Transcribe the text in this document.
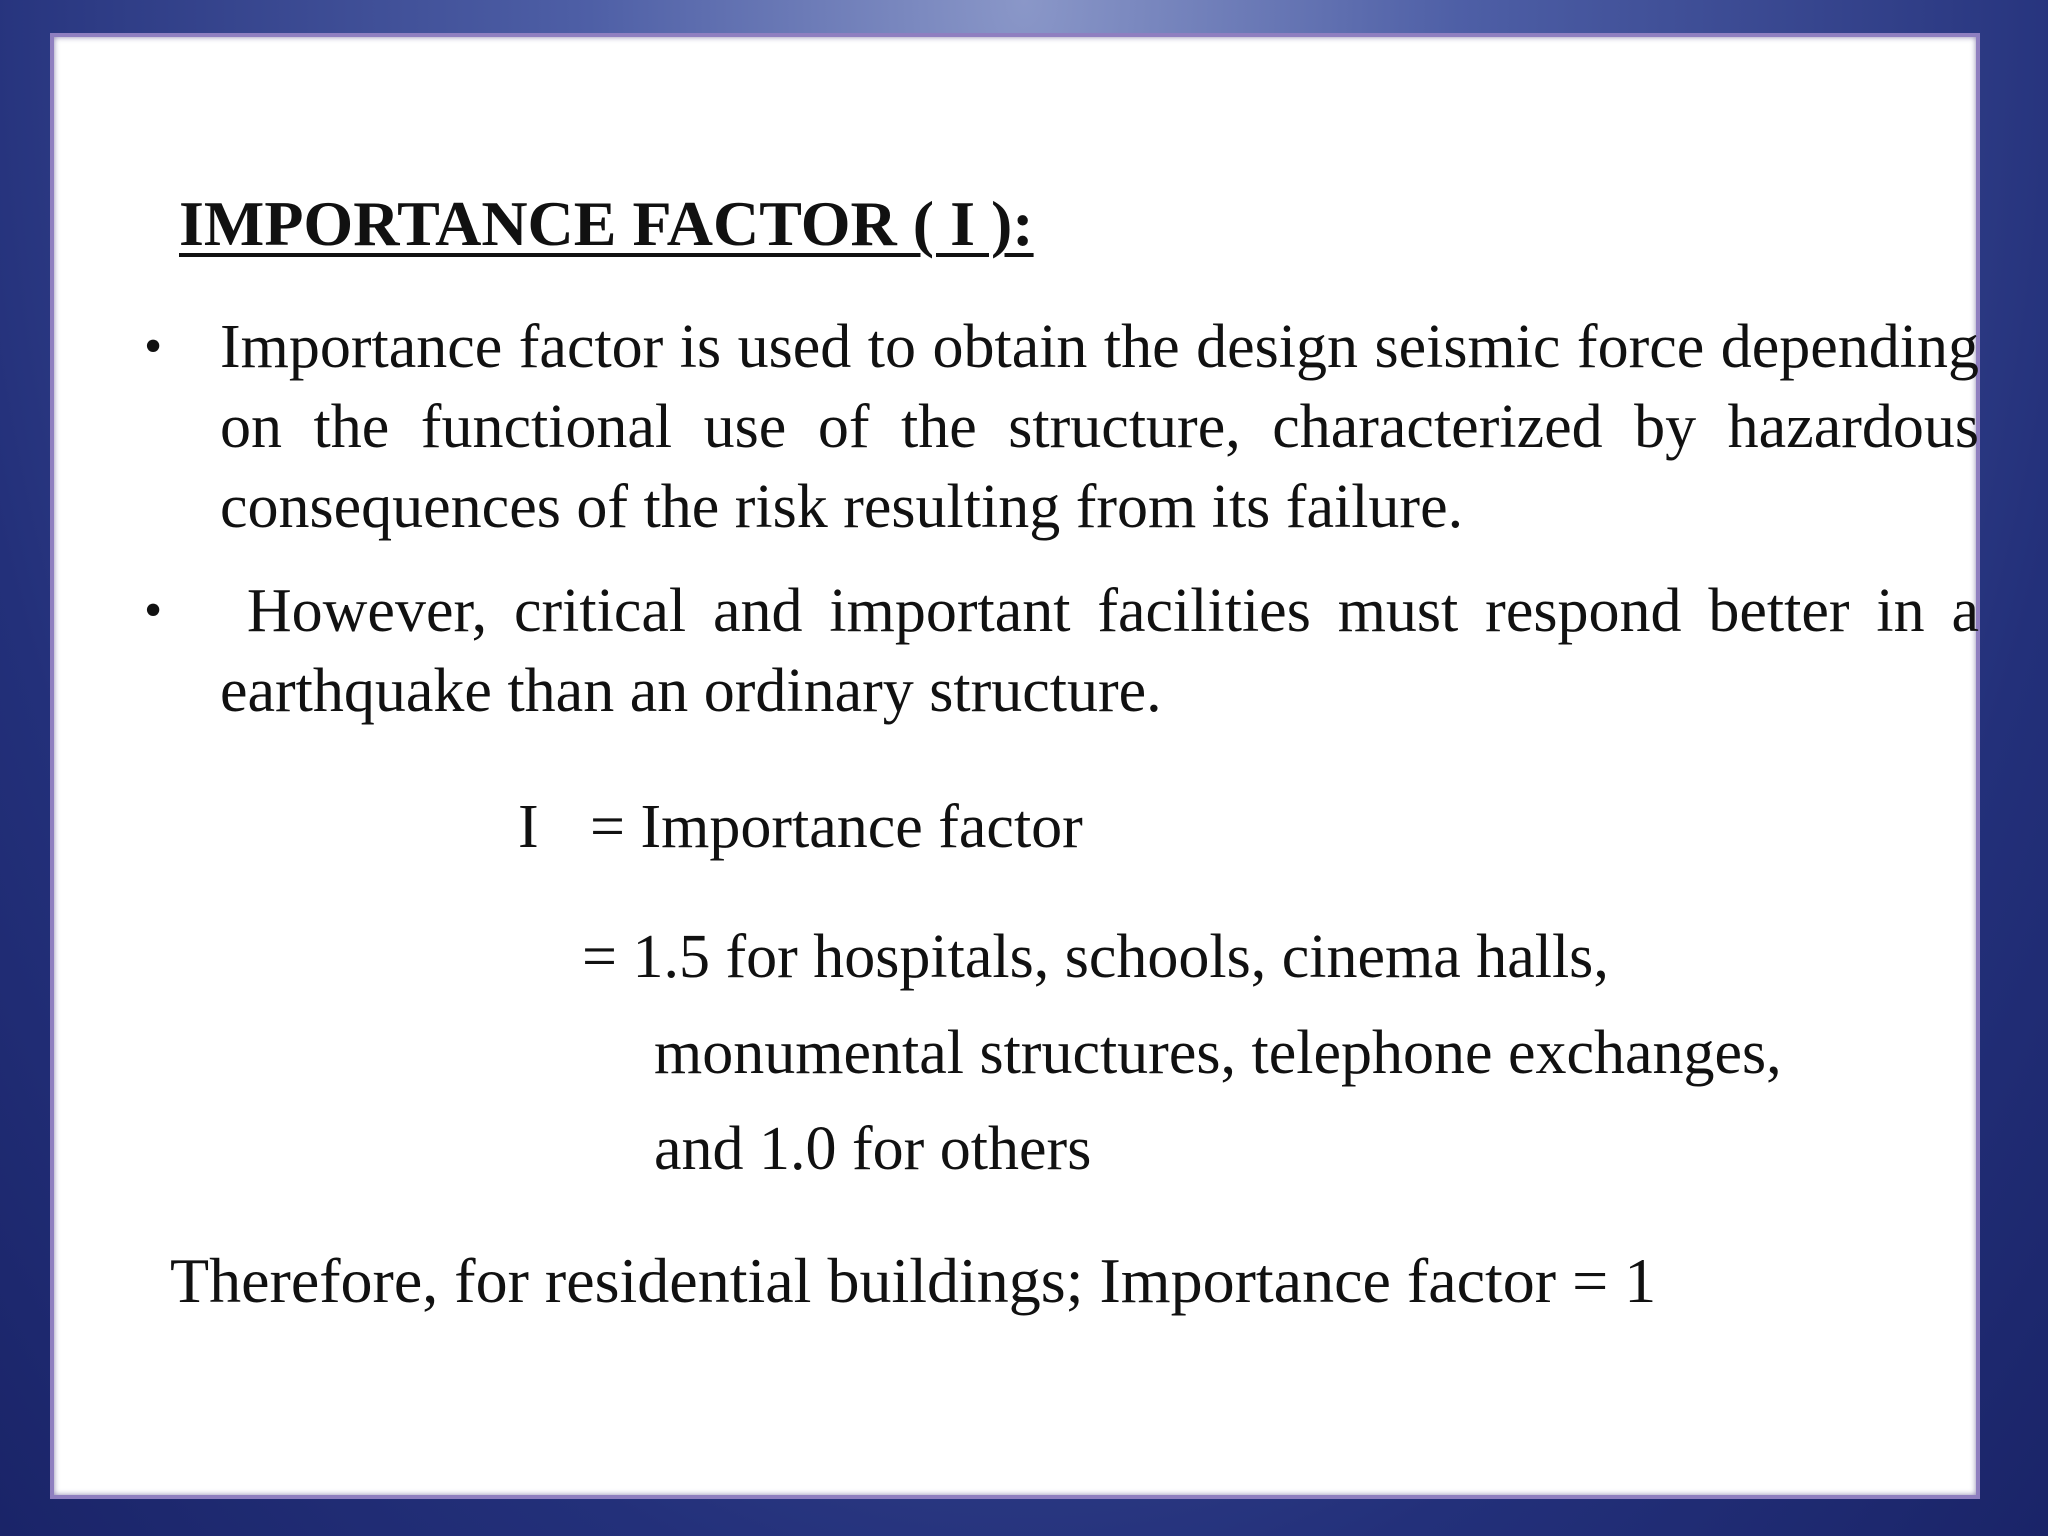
IMPORTANCE FACTOR ( I ):
• Importance factor is used to obtain the design seismic force depending on the functional use of the structure, characterized by hazardous consequences of the risk resulting from its failure.
• However, critical and important facilities must respond better in a earthquake than an ordinary structure.
I = Importance factor
= 1.5 for hospitals, schools, cinema halls,
monumental structures, telephone exchanges,
and 1.0 for others
Therefore, for residential buildings; Importance factor = 1
